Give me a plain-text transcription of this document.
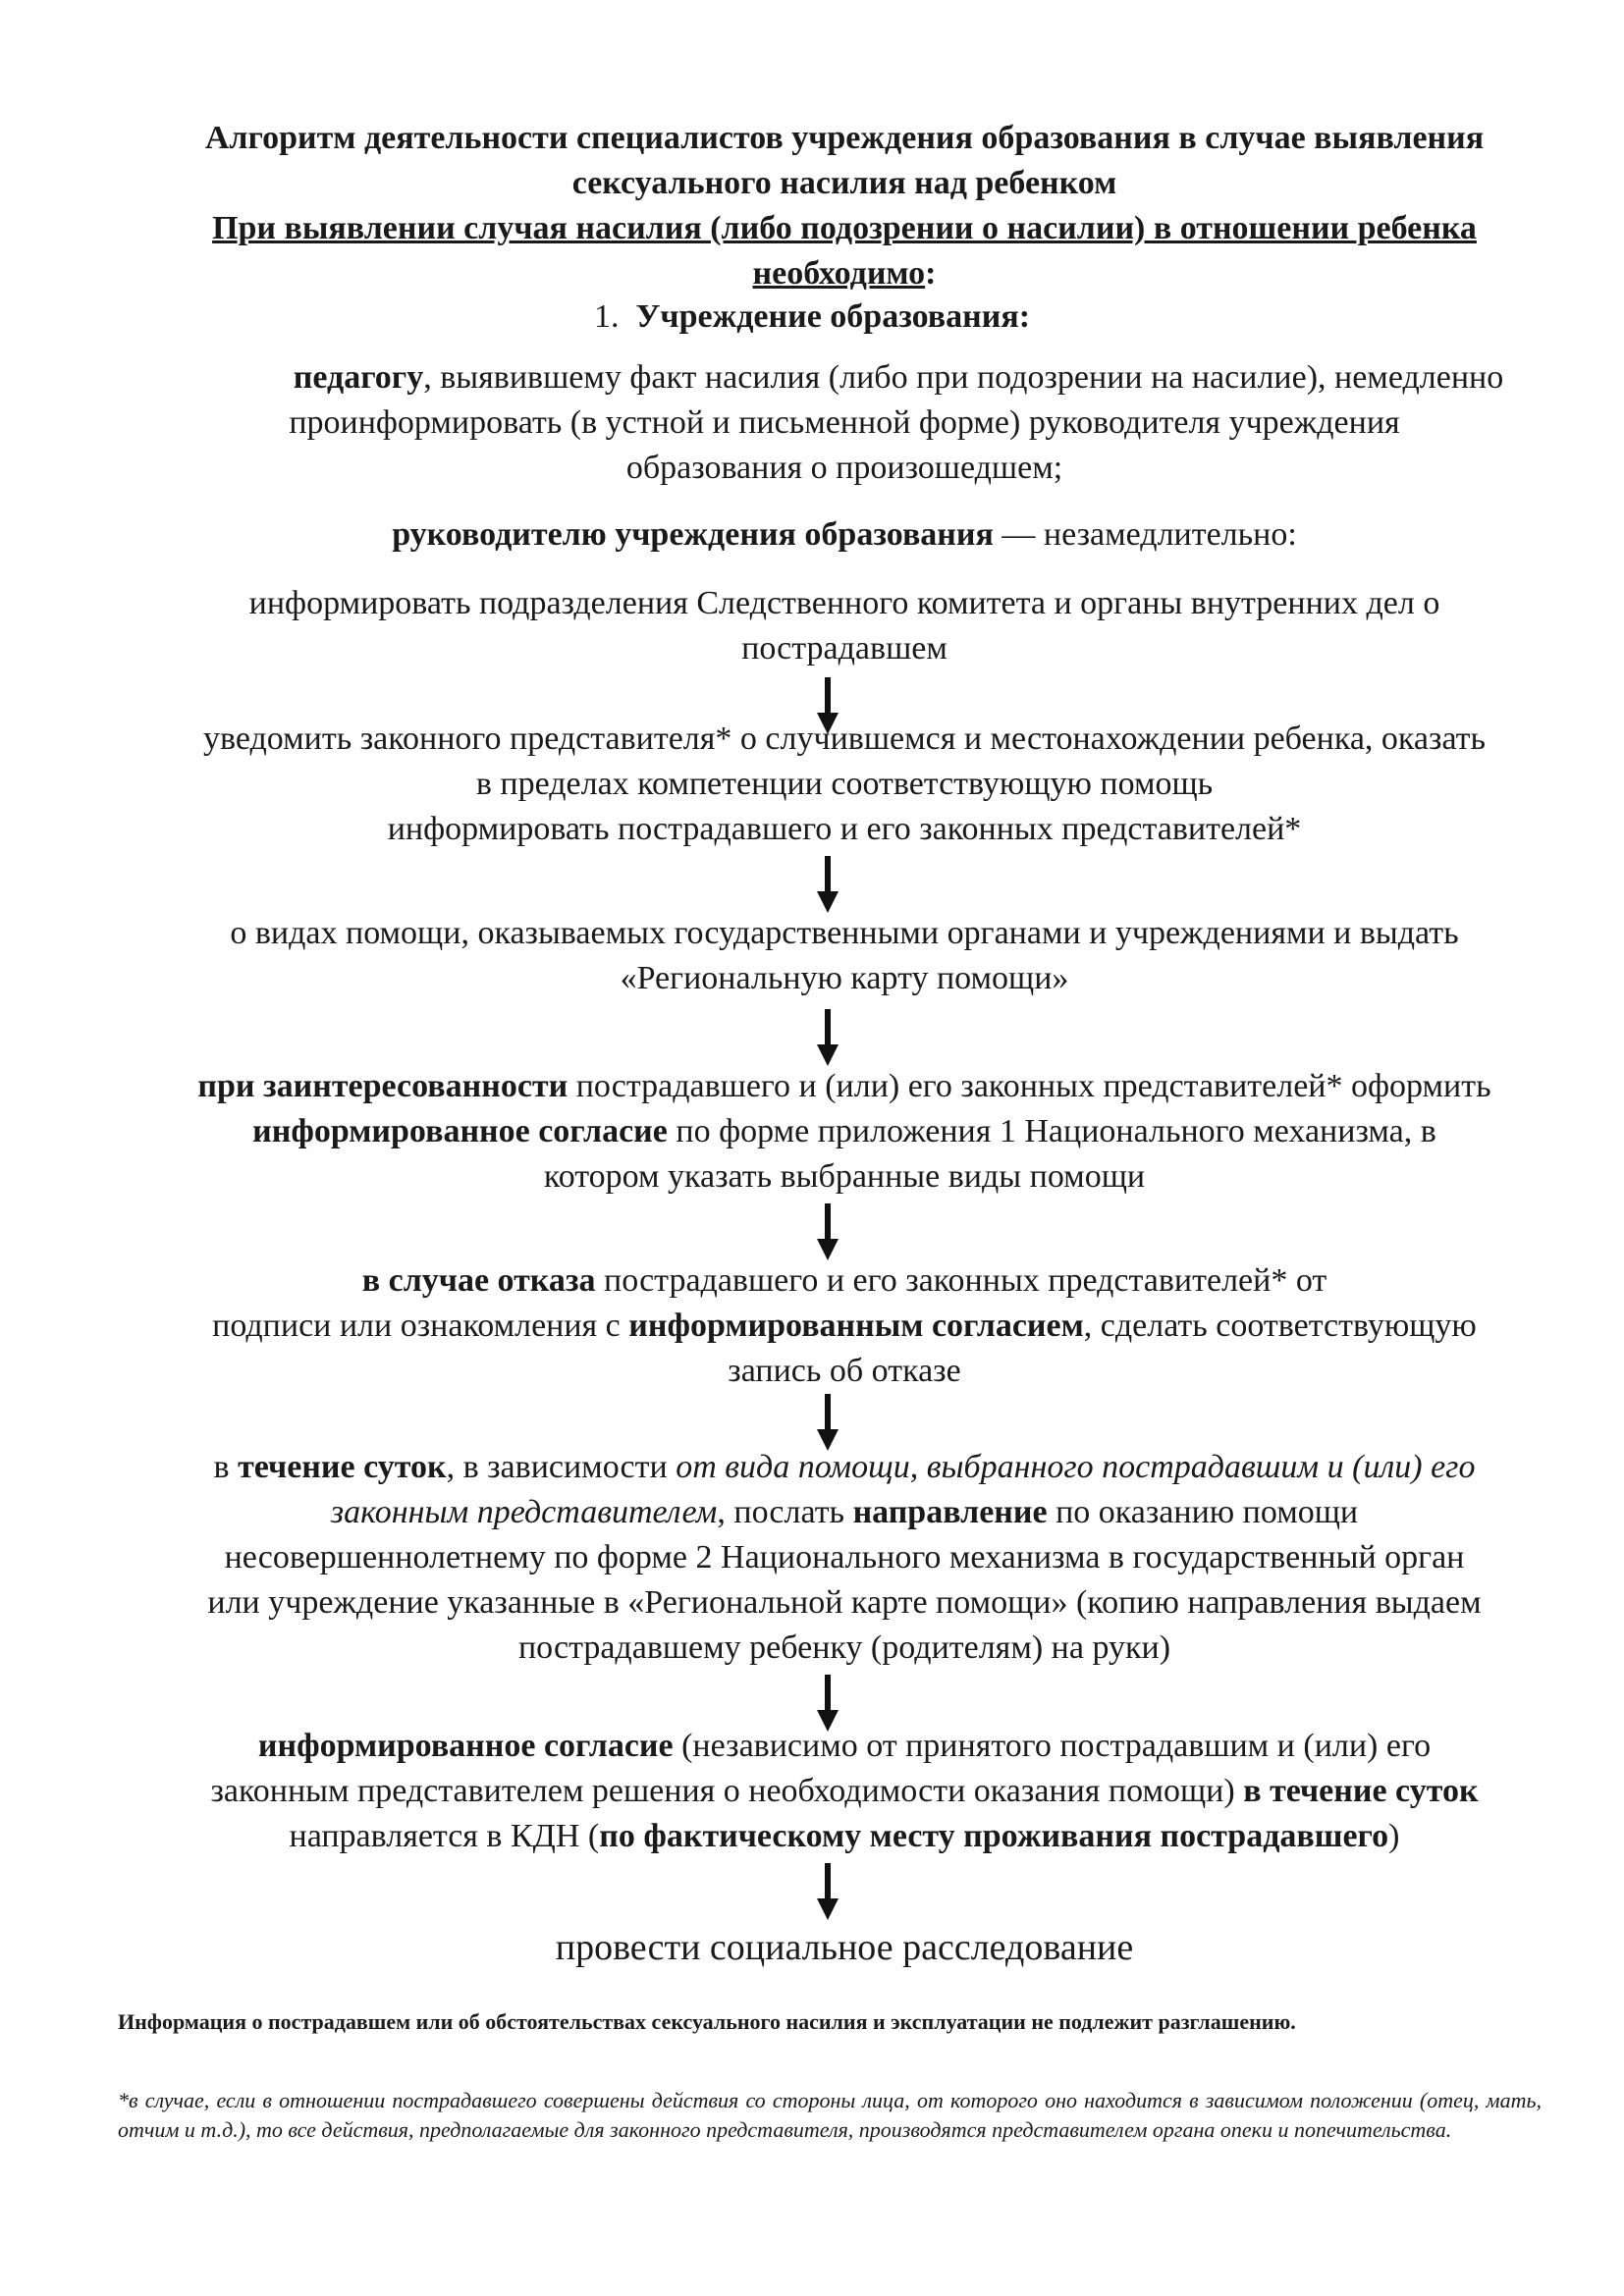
Алгоритм деятельности специалистов учреждения образования в случае выявления
сексуального насилия над ребенком
При выявлении случая насилия (либо подозрении о насилии) в отношении ребенка
необходимо:
1. Учреждение образования:
педагогу, выявившему факт насилия (либо при подозрении на насилие), немедленно
проинформировать (в устной и письменной форме) руководителя учреждения
образования о произошедшем;
руководителю учреждения образования — незамедлительно:
информировать подразделения Следственного комитета и органы внутренних дел о
пострадавшем
уведомить законного представителя* о случившемся и местонахождении ребенка, оказать
в пределах компетенции соответствующую помощь
информировать пострадавшего и его законных представителей*
о видах помощи, оказываемых государственными органами и учреждениями и выдать
«Региональную карту помощи»
при заинтересованности пострадавшего и (или) его законных представителей* оформить
информированное согласие по форме приложения 1 Национального механизма, в
котором указать выбранные виды помощи
в случае отказа пострадавшего и его законных представителей* от
подписи или ознакомления с информированным согласием, сделать соответствующую
запись об отказе
в течение суток, в зависимости от вида помощи, выбранного пострадавшим и (или) его
законным представителем, послать направление по оказанию помощи
несовершеннолетнему по форме 2 Национального механизма в государственный орган
или учреждение указанные в «Региональной карте помощи» (копию направления выдаем
пострадавшему ребенку (родителям) на руки)
информированное согласие (независимо от принятого пострадавшим и (или) его
законным представителем решения о необходимости оказания помощи) в течение суток
направляется в КДН (по фактическому месту проживания пострадавшего)
провести социальное расследование
Информация о пострадавшем или об обстоятельствах сексуального насилия и эксплуатации не подлежит разглашению.
*в случае, если в отношении пострадавшего совершены действия со стороны лица, от которого оно находится в зависимом положении (отец, мать, отчим и т.д.), то все действия, предполагаемые для законного представителя, производятся представителем органа опеки и попечительства.
